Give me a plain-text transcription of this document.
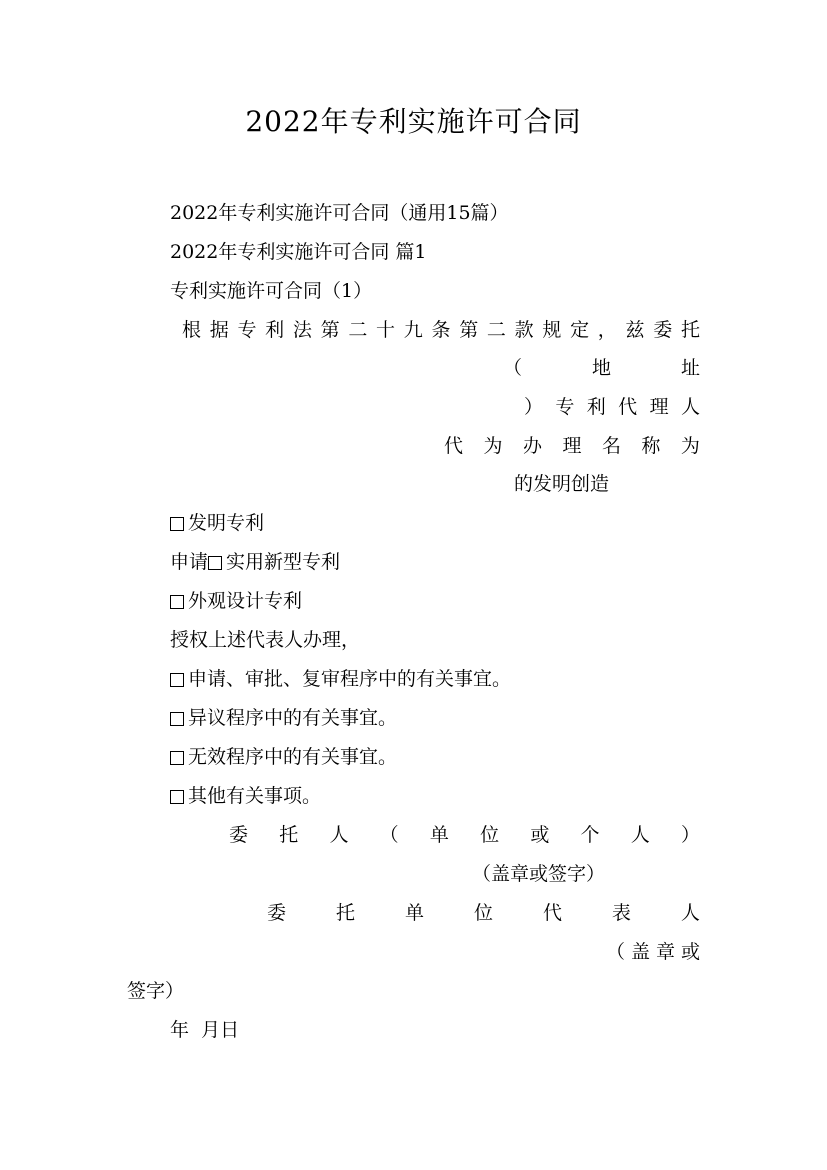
2022年专利实施许可合同
2022年专利实施许可合同（通用15篇）
2022年专利实施许可合同 篇1
专利实施许可合同（1）
根 据 专 利 法 第 二 十 九 条 第 二 款 规 定 ， 兹 委 托
（	地	址
） 专 利 代 理 人
代 为 办 理 名 称 为
的发明创造
发明专利
申请 实用新型专利
外观设计专利
授权上述代表人办理，
申请、审批、复审程序中的有关事宜。
异议程序中的有关事宜。
无效程序中的有关事宜。
其他有关事项。
委 托 人 （ 单 位 或 个 人 ）
（盖章或签字）
委	托	单	位	代	表	人
（ 盖 章 或
签字）
年  月日
